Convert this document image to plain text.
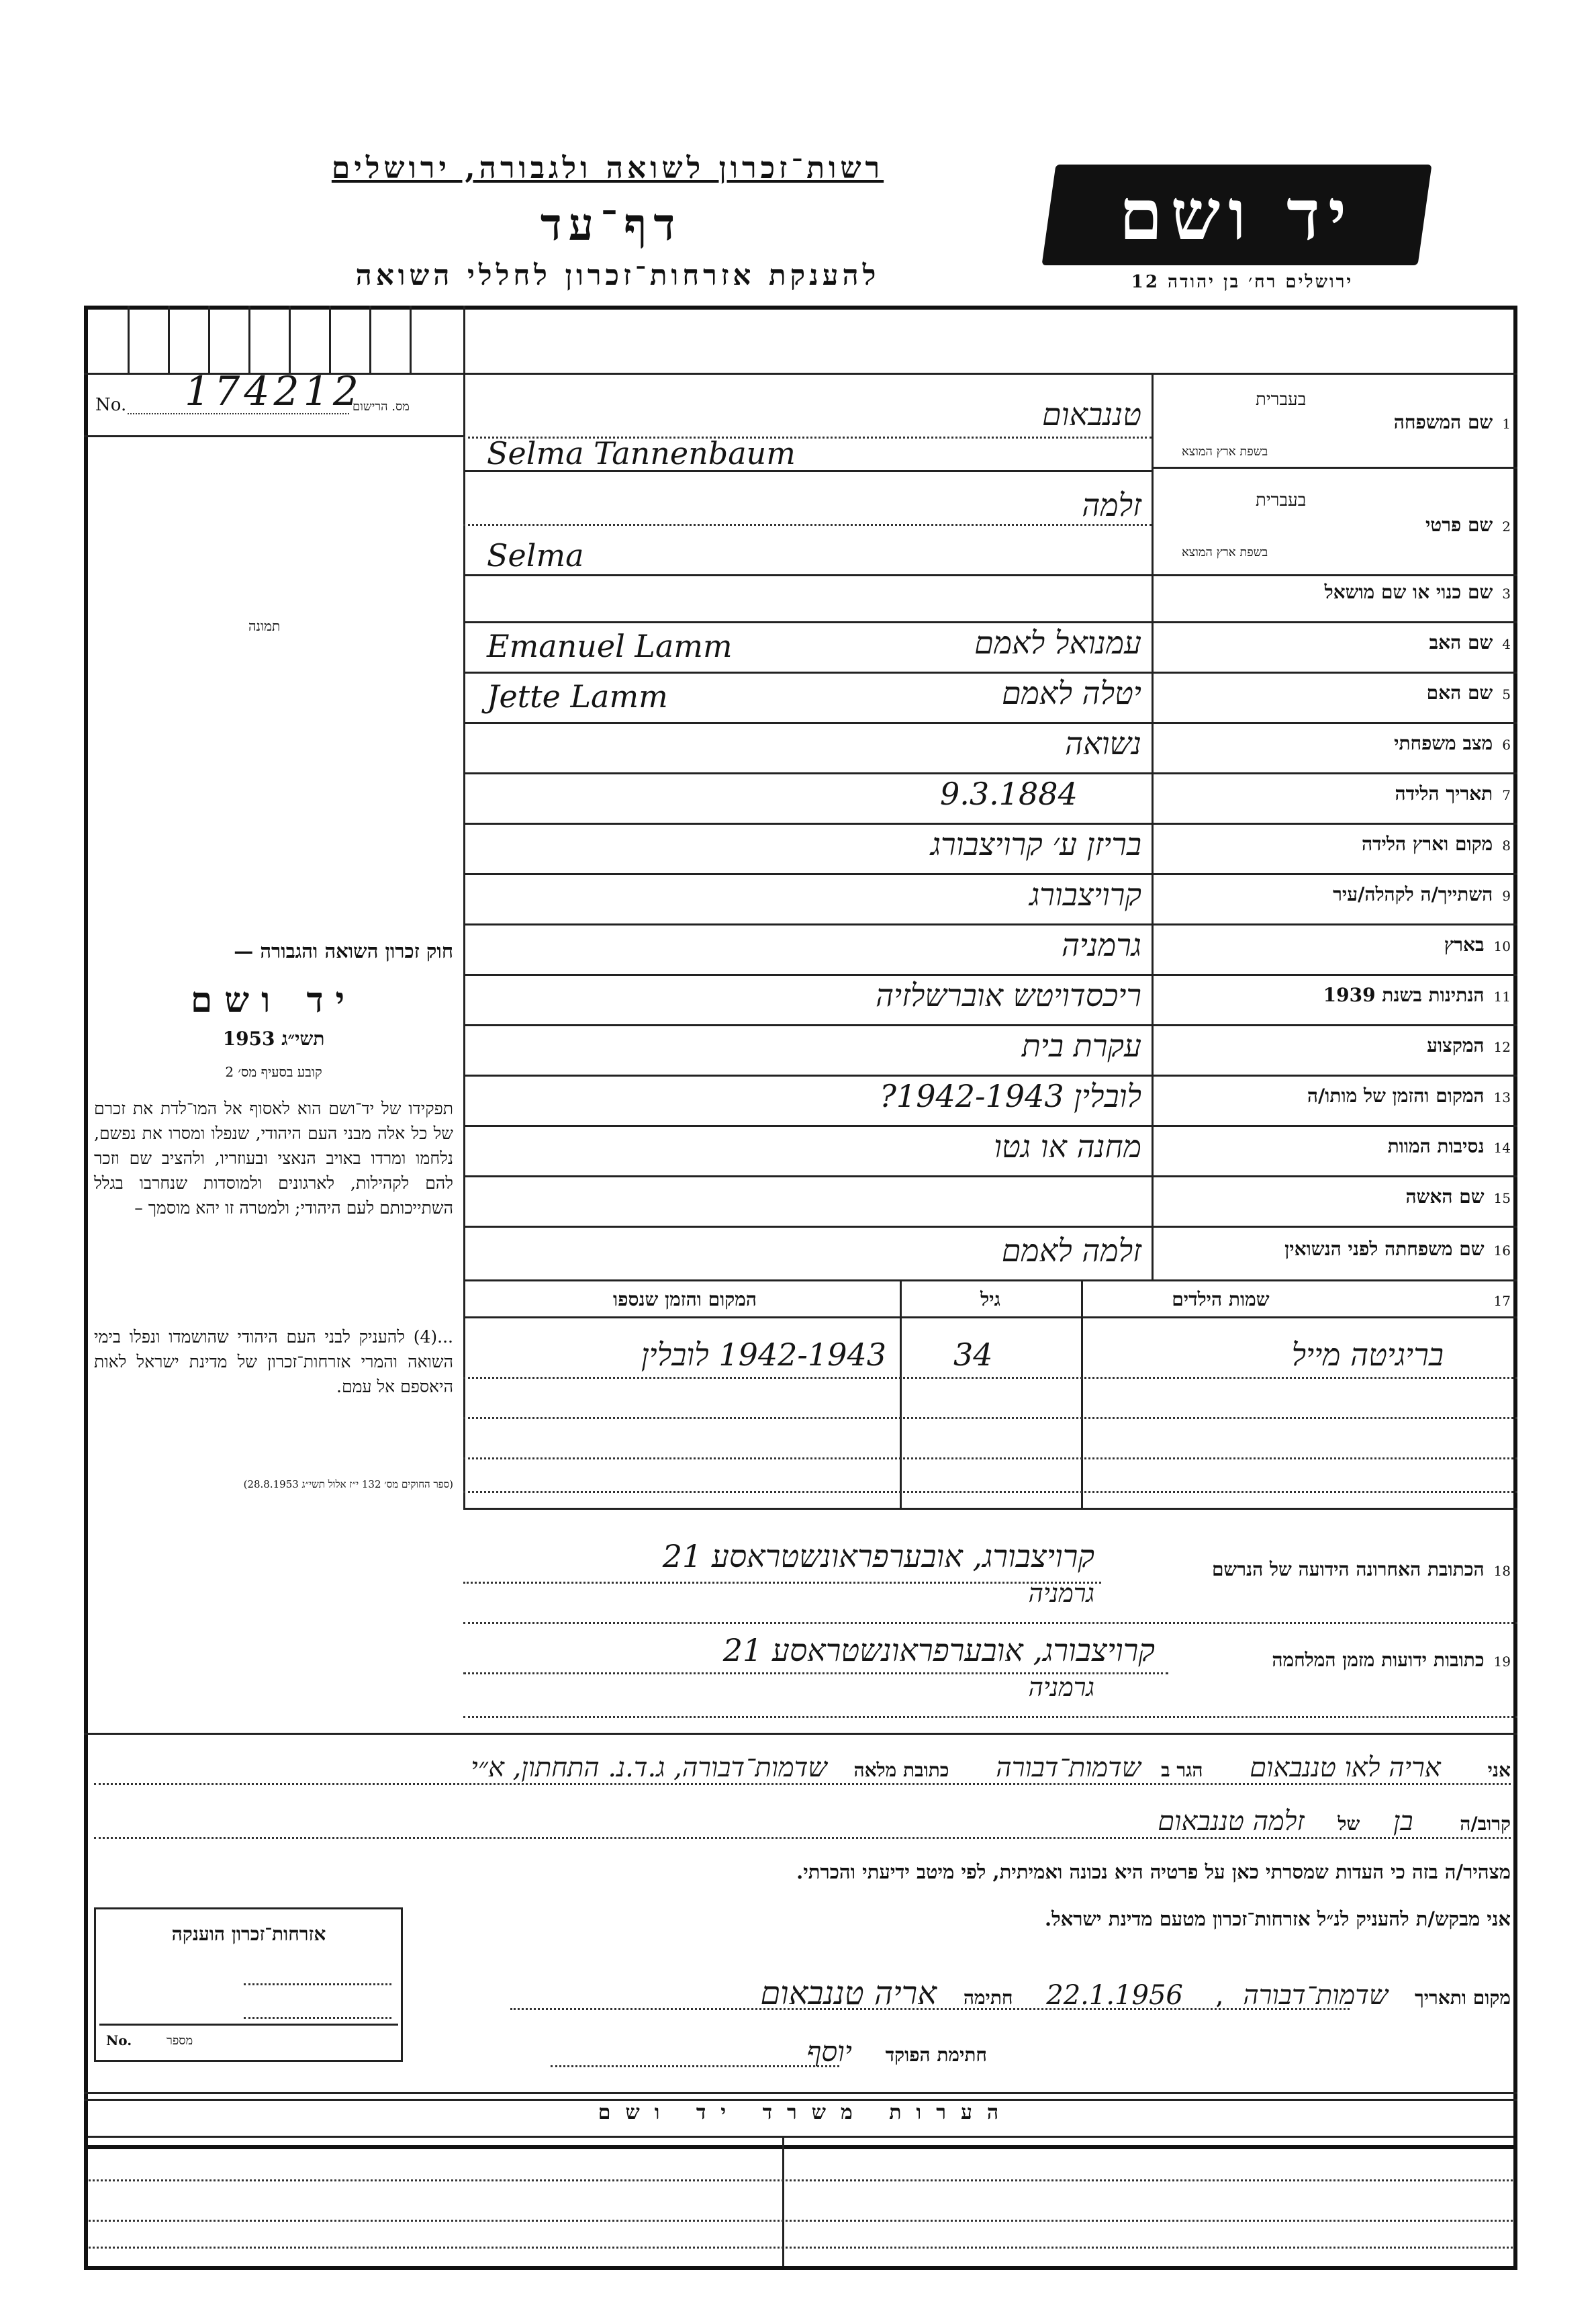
רשות־זכרון לשואה ולגבורה, ירושלים
דף־עד
להענקת אזרחות־זכרון לחללי השואה
יד ושם
ירושלים רח׳ בן יהודה 12
No. 174212
מס. הרישום
תמונה
בעברית
1שם המשפחה
בשפת ארץ המוצא
טננבאום
Selma Tannenbaum
בעברית
2שם פרטי
בשפת ארץ המוצא
זלמה
Selma
3שם כנוי או שם מושאל
4שם האב
עמנואל לאמם
Emanuel Lamm
5שם האם
יטלה לאמם
Jette Lamm
6מצב משפחתי
נשואה
7תאריך הלידה
9.3.1884
8מקום וארץ הלידה
בריזן ע׳ קרויצבורג
9השתייך/ה לקהלה/עיר
קרויצבורג
10בארץ
גרמניה
11הנתינות בשנת 1939
ריכסדויטש אוברשלזיה
12המקצוע
עקרת בית
13המקום והזמן של מותו/ה
לובלין 1942-1943?
14נסיבות המוות
מחנה או גטו
15שם האשה
16שם משפחתה לפני הנשואין
זלמה לאמם
17שמות הילדים
גיל
המקום והזמן שנספו
בריגיטה מייל
34
1942-1943 לובלין
חוק זכרון השואה והגבורה —
יד ושם
תשי״ג 1953
קובע בסעיף מס׳ 2
תפקידו של יד־ושם הוא לאסוף אל המו־לדת את זכרם של כל אלה מבני העם היהודי, שנפלו ומסרו את נפשם, נלחמו ומרדו באויב הנאצי ובעוזריו, ולהציב שם וזכר להם לקהילות, לארגונים ולמוסדות שנחרבו בגלל השתייכותם לעם היהודי; ולמטרה זו יהא מוסמך –
...(4) להעניק לבני העם היהודי שהושמדו ונפלו בימי השואה והמרי אזרחות־זכרון של מדינת ישראל לאות היאספם אל עמם.
(ספר החוקים מס׳ 132 י״ז אלול תשי״ג 28.8.1953)
18הכתובת האחרונה הידועה של הנרשם
קרויצבורג, אובערפראונשטראסע 21
גרמניה
19כתובות ידועות מזמן המלחמה
קרויצבורג, אובערפראונשטראסע 21
גרמניה
אני אריה לאו טננבאום הגר בשדמות־דבורה כתובת מלאה שדמות־דבורה, ג.ד.נ. התחתון, א״י
קרוב/ה בן של זלמה טננבאום
מצהיר/ה בזה כי העדות שמסרתי כאן על פרטיה היא נכונה ואמיתית, לפי מיטב ידיעתי והכרתי.
אני מבקש/ת להעניק לנ״ל אזרחות־זכרון מטעם מדינת ישראל.
מקום ותאריך שדמות־דבורה, 22.1.1956 חתימה אריה טננבאום
חתימת הפוקד יוסף
אזרחות־זכרון הוענקה
No.	מספר
הערות משרד יד ושם
